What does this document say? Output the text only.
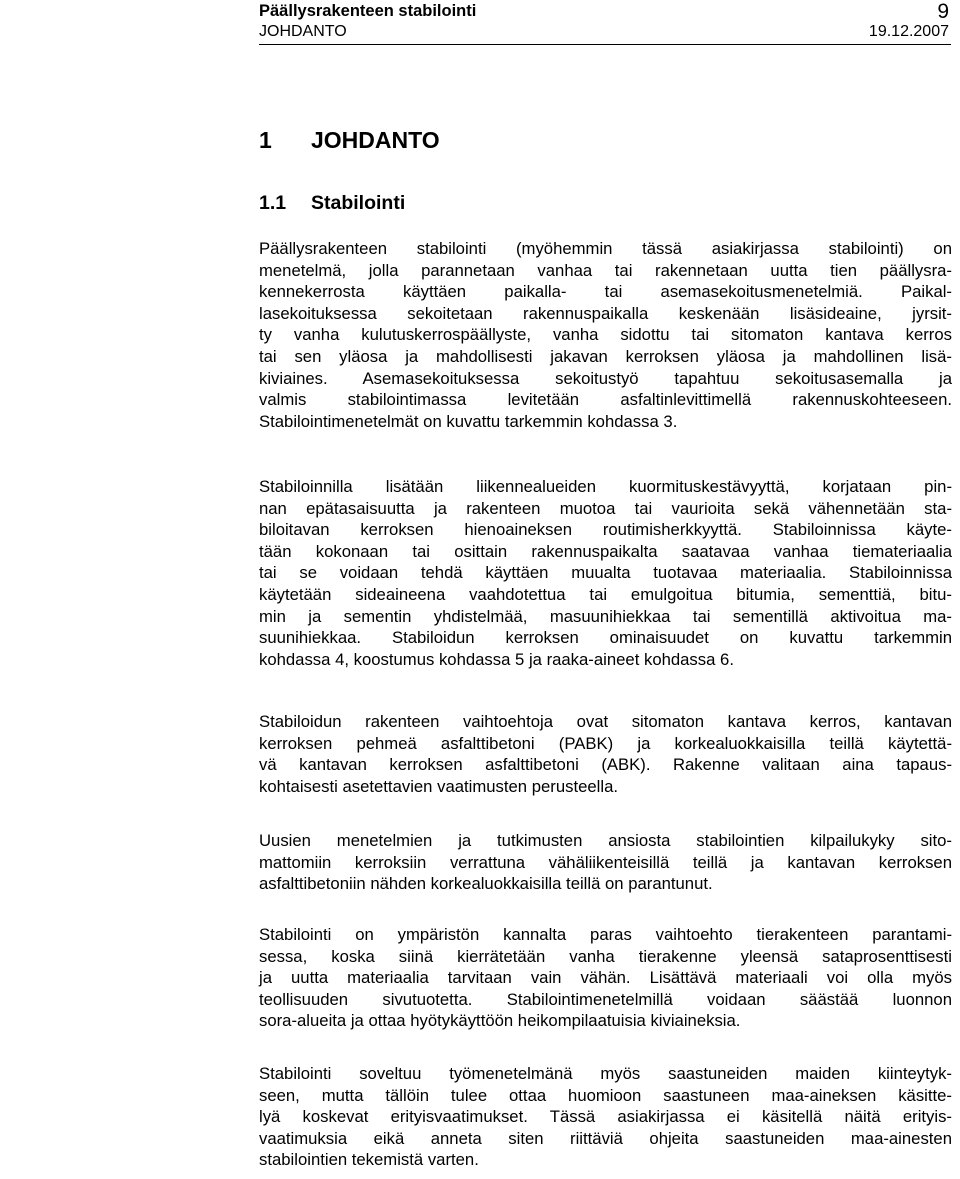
Päällysrakenteen stabilointi	9
JOHDANTO	19.12.2007
1 JOHDANTO
1.1 Stabilointi
Päällysrakenteen stabilointi (myöhemmin tässä asiakirjassa stabilointi) on
menetelmä, jolla parannetaan vanhaa tai rakennetaan uutta tien päällysra-
kennekerrosta käyttäen paikalla- tai asemasekoitusmenetelmiä. Paikal-
lasekoituksessa sekoitetaan rakennuspaikalla keskenään lisäsideaine, jyrsit-
ty vanha kulutuskerrospäällyste, vanha sidottu tai sitomaton kantava kerros
tai sen yläosa ja mahdollisesti jakavan kerroksen yläosa ja mahdollinen lisä-
kiviaines. Asemasekoituksessa sekoitustyö tapahtuu sekoitusasemalla ja
valmis stabilointimassa levitetään asfaltinlevittimellä rakennuskohteeseen.
Stabilointimenetelmät on kuvattu tarkemmin kohdassa 3.
Stabiloinnilla lisätään liikennealueiden kuormituskestävyyttä, korjataan pin-
nan epätasaisuutta ja rakenteen muotoa tai vaurioita sekä vähennetään sta-
biloitavan kerroksen hienoaineksen routimisherkkyyttä. Stabiloinnissa käyte-
tään kokonaan tai osittain rakennuspaikalta saatavaa vanhaa tiemateriaalia
tai se voidaan tehdä käyttäen muualta tuotavaa materiaalia. Stabiloinnissa
käytetään sideaineena vaahdotettua tai emulgoitua bitumia, sementtiä, bitu-
min ja sementin yhdistelmää, masuunihiekkaa tai sementillä aktivoitua ma-
suunihiekkaa. Stabiloidun kerroksen ominaisuudet on kuvattu tarkemmin
kohdassa 4, koostumus kohdassa 5 ja raaka-aineet kohdassa 6.
Stabiloidun rakenteen vaihtoehtoja ovat sitomaton kantava kerros, kantavan
kerroksen pehmeä asfalttibetoni (PABK) ja korkealuokkaisilla teillä käytettä-
vä kantavan kerroksen asfalttibetoni (ABK). Rakenne valitaan aina tapaus-
kohtaisesti asetettavien vaatimusten perusteella.
Uusien menetelmien ja tutkimusten ansiosta stabilointien kilpailukyky sito-
mattomiin kerroksiin verrattuna vähäliikenteisillä teillä ja kantavan kerroksen
asfalttibetoniin nähden korkealuokkaisilla teillä on parantunut.
Stabilointi on ympäristön kannalta paras vaihtoehto tierakenteen parantami-
sessa, koska siinä kierrätetään vanha tierakenne yleensä sataprosenttisesti
ja uutta materiaalia tarvitaan vain vähän. Lisättävä materiaali voi olla myös
teollisuuden sivutuotetta. Stabilointimenetelmillä voidaan säästää luonnon
sora-alueita ja ottaa hyötykäyttöön heikompilaatuisia kiviaineksia.
Stabilointi soveltuu työmenetelmänä myös saastuneiden maiden kiinteytyk-
seen, mutta tällöin tulee ottaa huomioon saastuneen maa-aineksen käsitte-
lyä koskevat erityisvaatimukset. Tässä asiakirjassa ei käsitellä näitä erityis-
vaatimuksia eikä anneta siten riittäviä ohjeita saastuneiden maa-ainesten
stabilointien tekemistä varten.
